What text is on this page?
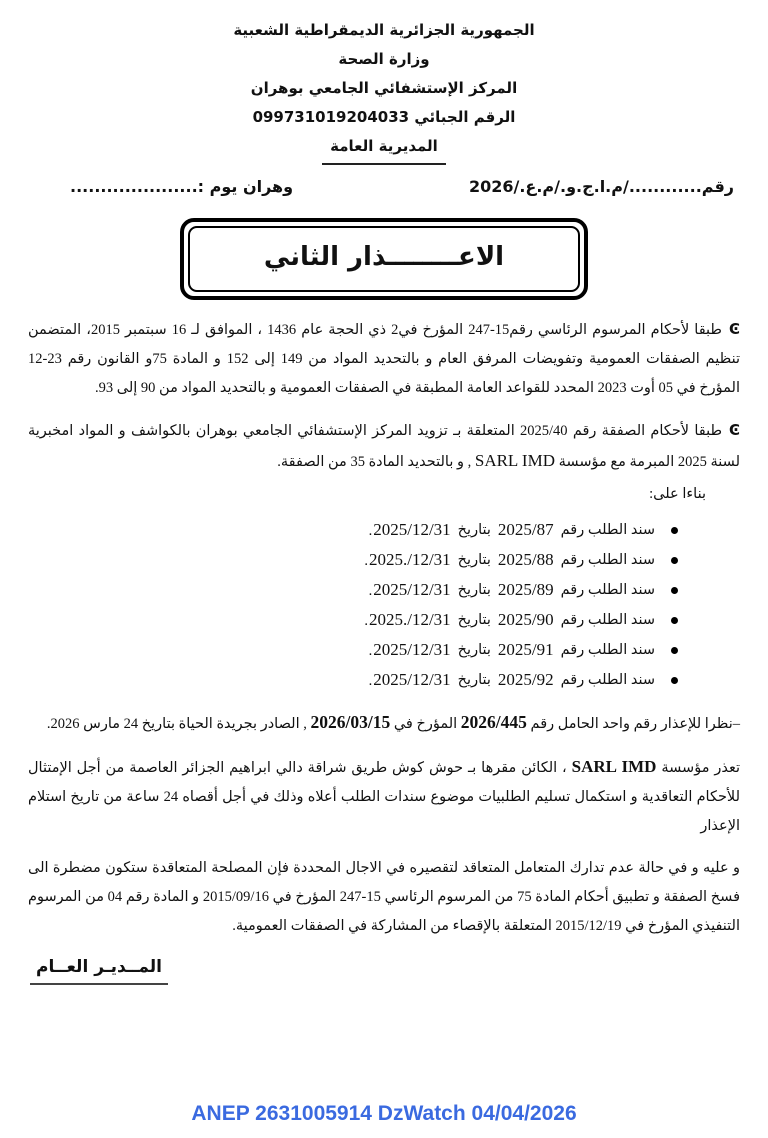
الجمهورية الجزائرية الديمقراطية الشعبية
وزارة الصحة
المركز الإستشفائي الجامعي بوهران
الرقم الجبائي 099731019204033
المديرية العامة
رقم............/م.ا.ج.و./م.ع./2026
وهران يوم :.....................
الاعــــــــذار الثاني

Ͼطبقا لأحكام المرسوم الرئاسي رقم15-247 المؤرخ في2 ذي الحجة عام 1436 ، الموافق لـ 16 سبتمبر 2015، المتضمن تنظيم الصفقات العمومية وتفويضات المرفق العام و بالتحديد المواد من 149 إلى 152 و المادة 75و القانون رقم 23-12 المؤرخ في 05 أوت 2023 المحدد للقواعد العامة المطبقة في الصفقات العمومية و بالتحديد المواد من 90 إلى 93.

Ͼطبقا لأحكام الصفقة رقم 2025/40 المتعلقة بـ تزويد المركز الإستشفائي الجامعي بوهران بالكواشف و المواد امخبرية لسنة 2025 المبرمة مع مؤسسة SARL IMD , و بالتحديد المادة 35 من الصفقة.

بناءا على:
سند الطلب رقم
2025/87
بتاريخ
2025/12/31.
سند الطلب رقم
2025/88
بتاريخ
2025./12/31.
سند الطلب رقم
2025/89
بتاريخ
2025/12/31.
سند الطلب رقم
2025/90
بتاريخ
2025./12/31.
سند الطلب رقم
2025/91
بتاريخ
2025/12/31.
سند الطلب رقم
2025/92
بتاريخ
2025/12/31.

–نظرا للإعذار رقم واحد الحامل رقم 2026/445 المؤرخ في 2026/03/15 , الصادر بجريدة الحياة بتاريخ 24 مارس 2026.

تعذر مؤسسة SARL IMD ، الكائن مقرها بـ حوش كوش طريق شراقة دالي ابراهيم الجزائر العاصمة من أجل الإمتثال للأحكام التعاقدية و استكمال تسليم الطلبيات موضوع سندات الطلب أعلاه وذلك في أجل أقصاه 24 ساعة من تاريخ استلام الإعذار

و عليه و في حالة عدم تدارك المتعامل المتعاقد لتقصيره في الاجال المحددة فإن المصلحة المتعاقدة ستكون مضطرة الى فسخ الصفقة و تطبيق أحكام المادة 75 من المرسوم الرئاسي 15-247 المؤرخ في 2015/09/16 و المادة رقم 04 من المرسوم التنفيذي المؤرخ في 2015/12/19 المتعلقة بالإقصاء من المشاركة في الصفقات العمومية.

المــديـر العــام
ANEP 2631005914 DzWatch 04/04/2026
